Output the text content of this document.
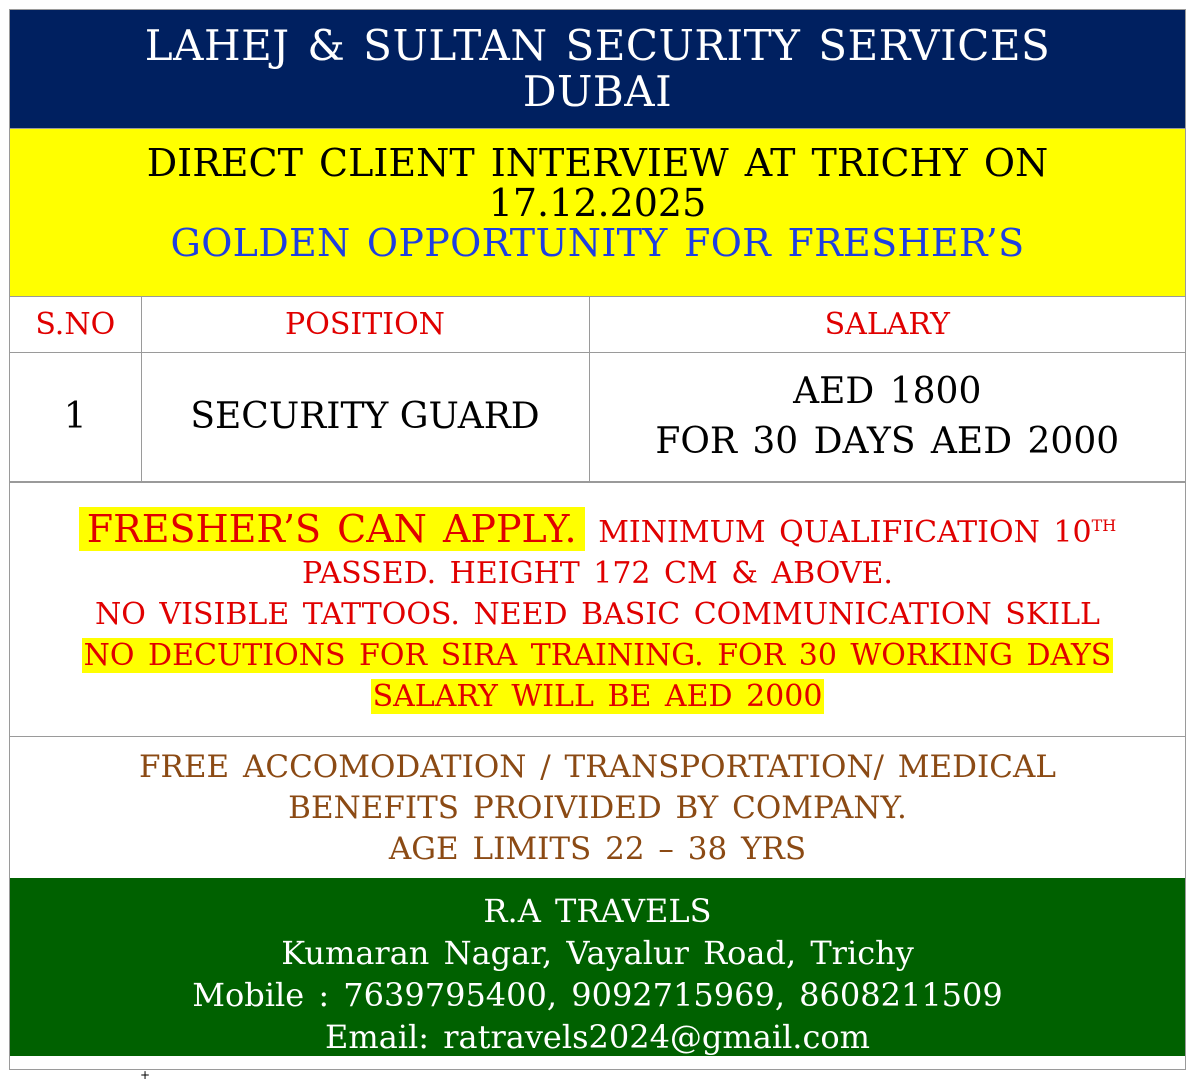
LAHEJ & SULTAN SECURITY SERVICES
DUBAI
DIRECT CLIENT INTERVIEW AT TRICHY ON
17.12.2025
GOLDEN OPPORTUNITY FOR FRESHER’S
S.NO	POSITION	SALARY
1	SECURITY GUARD	AED 1800
FOR 30 DAYS AED 2000
FRESHER’S CAN APPLY. MINIMUM QUALIFICATION 10TH
PASSED. HEIGHT 172 CM & ABOVE.
NO VISIBLE TATTOOS. NEED BASIC COMMUNICATION SKILL
NO DECUTIONS FOR SIRA TRAINING. FOR 30 WORKING DAYS
SALARY WILL BE AED 2000
FREE ACCOMODATION / TRANSPORTATION/ MEDICAL
BENEFITS PROIVIDED BY COMPANY.
AGE LIMITS 22 – 38 YRS
R.A TRAVELS
Kumaran Nagar, Vayalur Road, Trichy
Mobile : 7639795400, 9092715969, 8608211509
Email: ratravels2024@gmail.com
+
